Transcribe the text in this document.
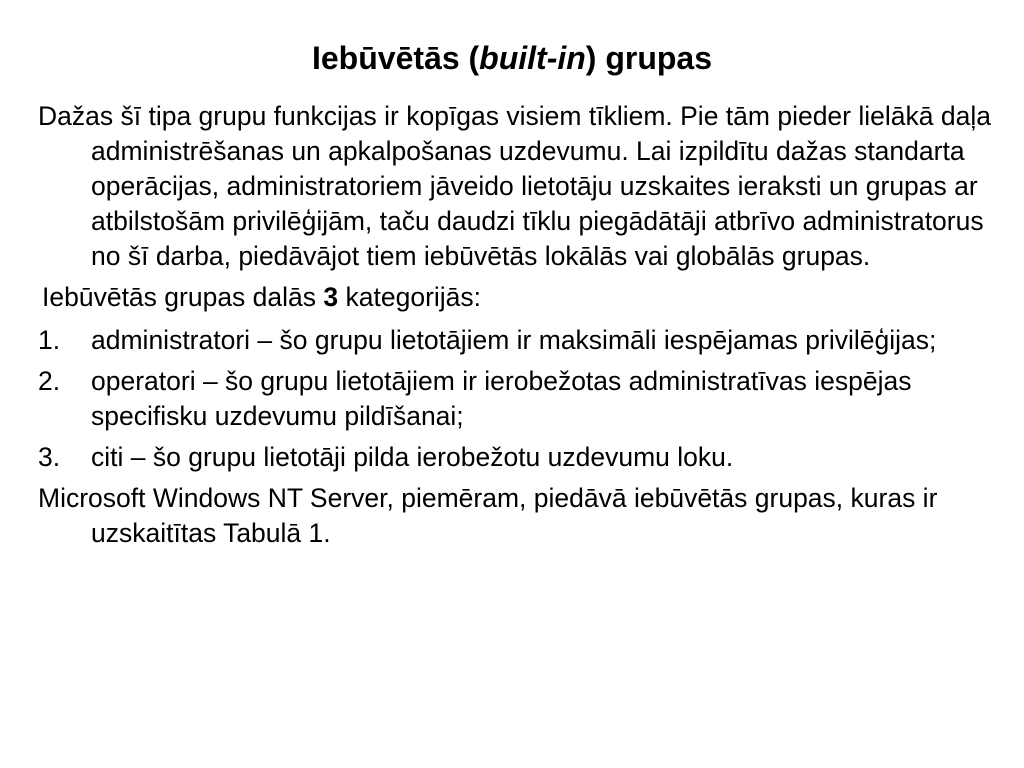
Iebūvētās (built-in) grupas

Dažas šī tipa grupu funkcijas ir kopīgas visiem tīkliem. Pie tām pieder lielākā daļa administrēšanas un apkalpošanas uzdevumu. Lai izpildītu dažas standarta operācijas, administratoriem jāveido lietotāju uzskaites ieraksti un grupas ar atbilstošām privilēģijām, taču daudzi tīklu piegādātāji atbrīvo administratorus no šī darba, piedāvājot tiem iebūvētās lokālās vai globālās grupas.

Iebūvētās grupas dalās 3 kategorijās:

1.	administratori – šo grupu lietotājiem ir maksimāli iespējamas privilēģijas;
2.	operatori – šo grupu lietotājiem ir ierobežotas administratīvas iespējas specifisku uzdevumu pildīšanai;
3.	citi – šo grupu lietotāji pilda ierobežotu uzdevumu loku.

Microsoft Windows NT Server, piemēram, piedāvā iebūvētās grupas, kuras ir uzskaitītas Tabulā 1.
